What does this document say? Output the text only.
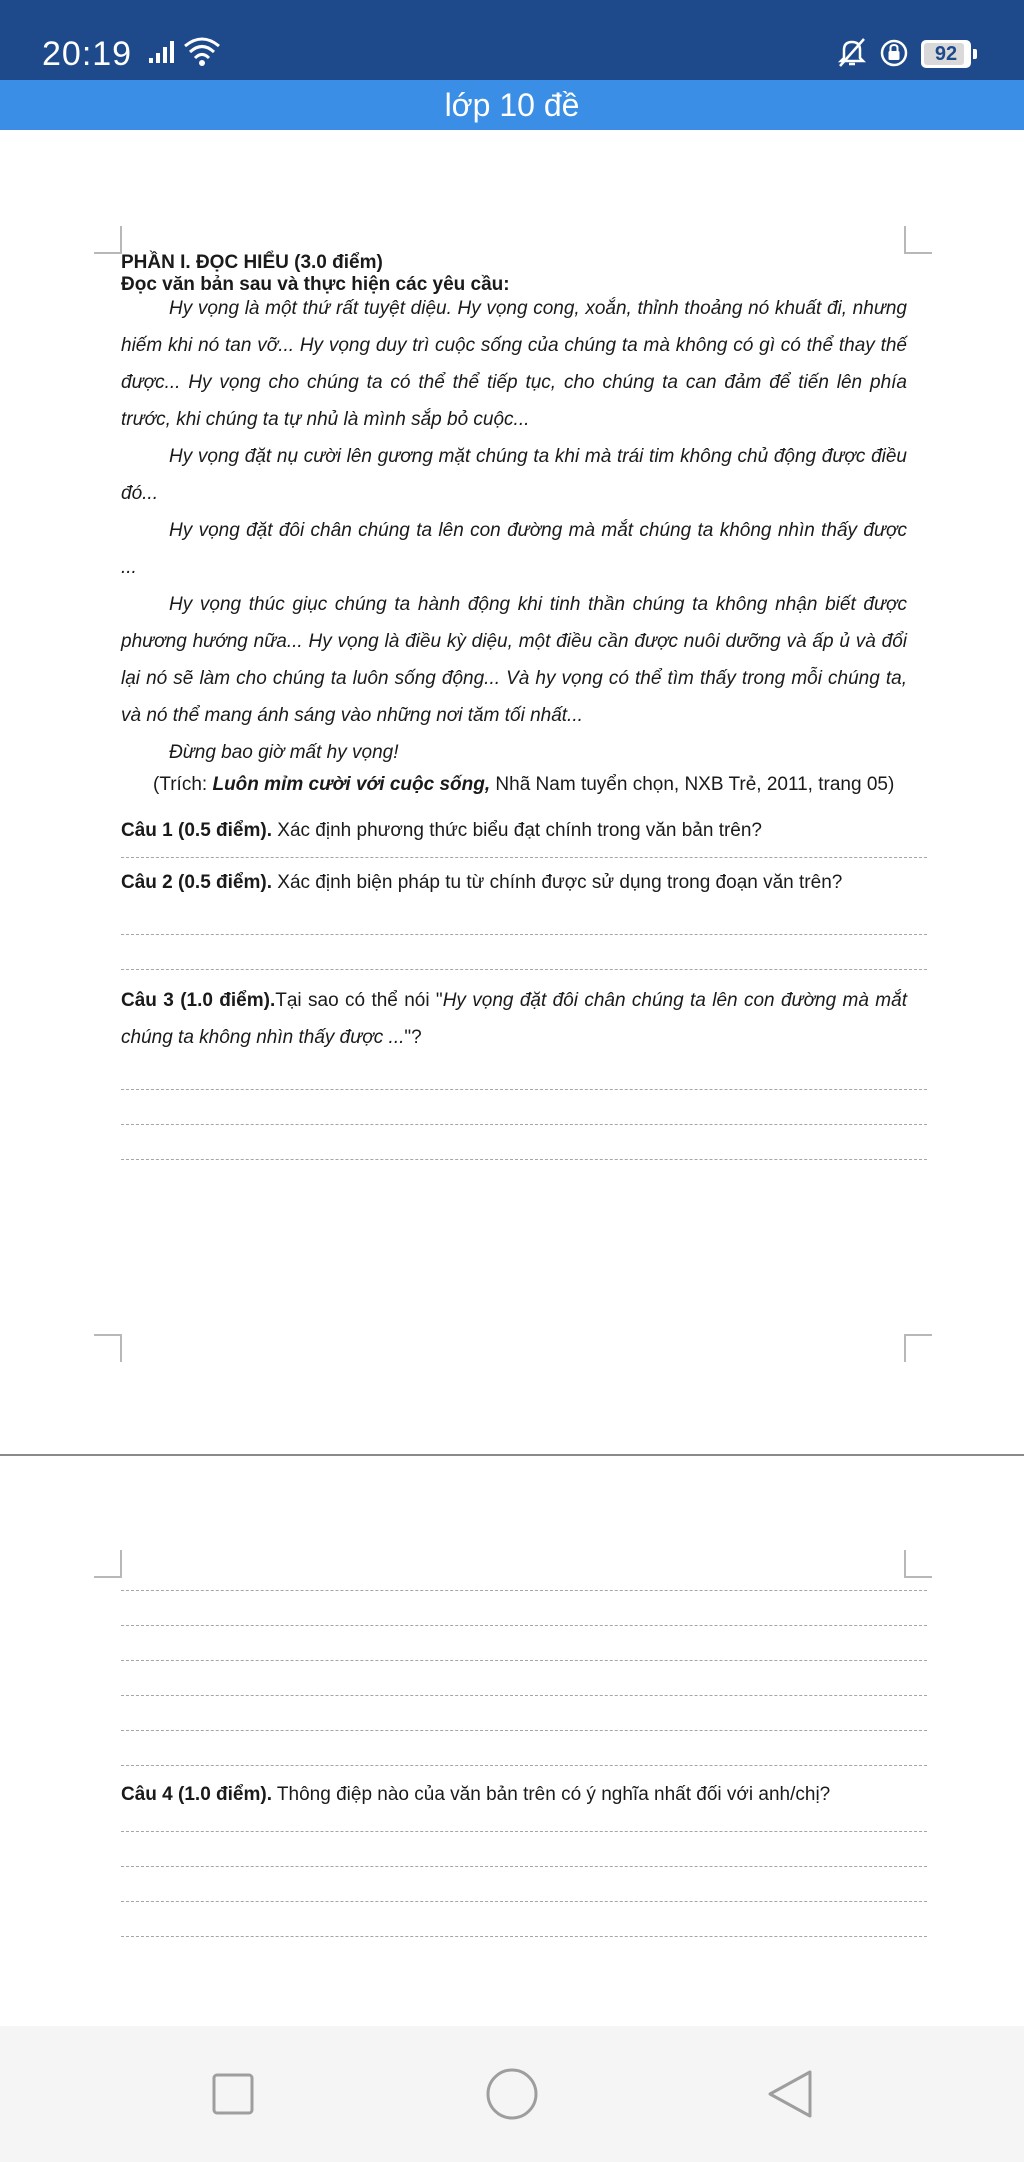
20:19	92
lớp 10 đề

PHẦN I. ĐỌC HIỂU (3.0 điểm)

Đọc văn bản sau và thực hiện các yêu cầu:

Hy vọng là một thứ rất tuyệt diệu. Hy vọng cong, xoắn, thỉnh thoảng nó khuất đi, nhưng hiếm khi nó tan vỡ... Hy vọng duy trì cuộc sống của chúng ta mà không có gì có thể thay thế được... Hy vọng cho chúng ta có thể thể tiếp tục, cho chúng ta can đảm để tiến lên phía trước, khi chúng ta tự nhủ là mình sắp bỏ cuộc...

Hy vọng đặt nụ cười lên gương mặt chúng ta khi mà trái tim không chủ động được điều đó...

Hy vọng đặt đôi chân chúng ta lên con đường mà mắt chúng ta không nhìn thấy được ...

Hy vọng thúc giục chúng ta hành động khi tinh thần chúng ta không nhận biết được phương hướng nữa... Hy vọng là điều kỳ diệu, một điều cần được nuôi dưỡng và ấp ủ và đổi lại nó sẽ làm cho chúng ta luôn sống động... Và hy vọng có thể tìm thấy trong mỗi chúng ta, và nó thể mang ánh sáng vào những nơi tăm tối nhất...

Đừng bao giờ mất hy vọng!

(Trích: Luôn mỉm cười với cuộc sống, Nhã Nam tuyển chọn, NXB Trẻ, 2011, trang 05)

Câu 1 (0.5 điểm). Xác định phương thức biểu đạt chính trong văn bản trên?

Câu 2 (0.5 điểm). Xác định biện pháp tu từ chính được sử dụng trong đoạn văn trên?

Câu 3 (1.0 điểm).Tại sao có thể nói "Hy vọng đặt đôi chân chúng ta lên con đường mà mắt chúng ta không nhìn thấy được ..."?

Câu 4 (1.0 điểm). Thông điệp nào của văn bản trên có ý nghĩa nhất đối với anh/chị?
